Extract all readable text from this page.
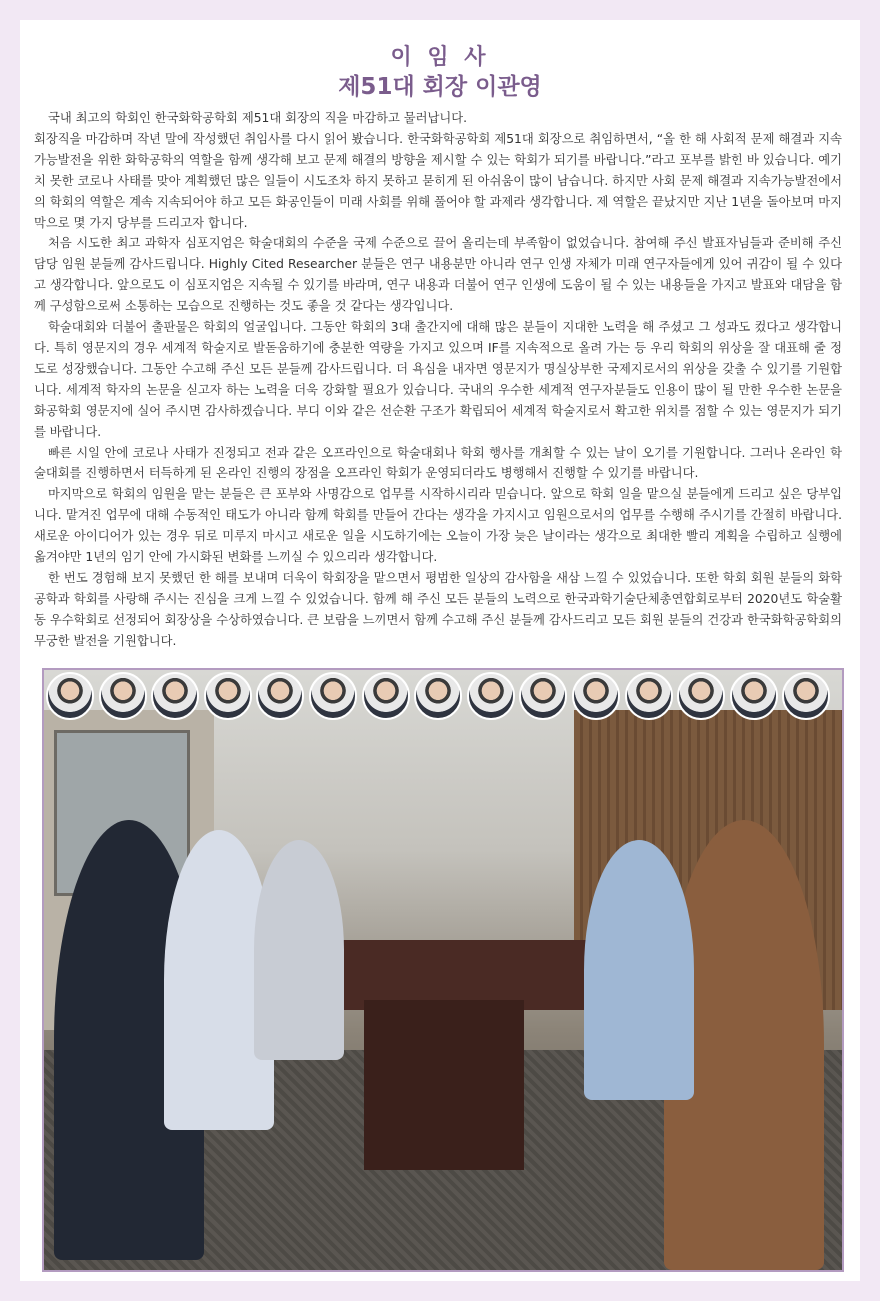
이 임 사
제51대 회장 이관영

국내 최고의 학회인 한국화학공학회 제51대 회장의 직을 마감하고 물러납니다.

회장직을 마감하며 작년 말에 작성했던 취임사를 다시 읽어 봤습니다. 한국화학공학회 제51대 회장으로 취임하면서, “올 한 해 사회적 문제 해결과 지속가능발전을 위한 화학공학의 역할을 함께 생각해 보고 문제 해결의 방향을 제시할 수 있는 학회가 되기를 바랍니다.”라고 포부를 밝힌 바 있습니다. 예기치 못한 코로나 사태를 맞아 계획했던 많은 일들이 시도조차 하지 못하고 묻히게 된 아쉬움이 많이 남습니다. 하지만 사회 문제 해결과 지속가능발전에서의 학회의 역할은 계속 지속되어야 하고 모든 화공인들이 미래 사회를 위해 풀어야 할 과제라 생각합니다. 제 역할은 끝났지만 지난 1년을 돌아보며 마지막으로 몇 가지 당부를 드리고자 합니다.

처음 시도한 최고 과학자 심포지엄은 학술대회의 수준을 국제 수준으로 끌어 올리는데 부족함이 없었습니다. 참여해 주신 발표자님들과 준비해 주신 담당 임원 분들께 감사드립니다. Highly Cited Researcher 분들은 연구 내용분만 아니라 연구 인생 자체가 미래 연구자들에게 있어 귀감이 될 수 있다고 생각합니다. 앞으로도 이 심포지엄은 지속될 수 있기를 바라며, 연구 내용과 더불어 연구 인생에 도움이 될 수 있는 내용들을 가지고 발표와 대담을 함께 구성함으로써 소통하는 모습으로 진행하는 것도 좋을 것 같다는 생각입니다.

학술대회와 더불어 출판물은 학회의 얼굴입니다. 그동안 학회의 3대 출간지에 대해 많은 분들이 지대한 노력을 해 주셨고 그 성과도 컸다고 생각합니다. 특히 영문지의 경우 세계적 학술지로 발돋움하기에 충분한 역량을 가지고 있으며 IF를 지속적으로 올려 가는 등 우리 학회의 위상을 잘 대표해 줄 정도로 성장했습니다. 그동안 수고해 주신 모든 분들께 감사드립니다. 더 욕심을 내자면 영문지가 명실상부한 국제지로서의 위상을 갖출 수 있기를 기원합니다. 세계적 학자의 논문을 싣고자 하는 노력을 더욱 강화할 필요가 있습니다. 국내의 우수한 세계적 연구자분들도 인용이 많이 될 만한 우수한 논문을 화공학회 영문지에 실어 주시면 감사하겠습니다. 부디 이와 같은 선순환 구조가 확립되어 세계적 학술지로서 확고한 위치를 점할 수 있는 영문지가 되기를 바랍니다.

빠른 시일 안에 코로나 사태가 진정되고 전과 같은 오프라인으로 학술대회나 학회 행사를 개최할 수 있는 날이 오기를 기원합니다. 그러나 온라인 학술대회를 진행하면서 터득하게 된 온라인 진행의 장점을 오프라인 학회가 운영되더라도 병행해서 진행할 수 있기를 바랍니다.

마지막으로 학회의 임원을 맡는 분들은 큰 포부와 사명감으로 업무를 시작하시리라 믿습니다. 앞으로 학회 일을 맡으실 분들에게 드리고 싶은 당부입니다. 맡겨진 업무에 대해 수동적인 태도가 아니라 함께 학회를 만들어 간다는 생각을 가지시고 임원으로서의 업무를 수행해 주시기를 간절히 바랍니다. 새로운 아이디어가 있는 경우 뒤로 미루지 마시고 새로운 일을 시도하기에는 오늘이 가장 늦은 날이라는 생각으로 최대한 빨리 계획을 수립하고 실행에 옮겨야만 1년의 임기 안에 가시화된 변화를 느끼실 수 있으리라 생각합니다.

한 번도 경험해 보지 못했던 한 해를 보내며 더욱이 학회장을 맡으면서 평범한 일상의 감사함을 새삼 느낄 수 있었습니다. 또한 학회 회원 분들의 화학공학과 학회를 사랑해 주시는 진심을 크게 느낄 수 있었습니다. 함께 해 주신 모든 분들의 노력으로 한국과학기술단체총연합회로부터 2020년도 학술활동 우수학회로 선정되어 회장상을 수상하였습니다. 큰 보람을 느끼면서 함께 수고해 주신 분들께 감사드리고 모든 회원 분들의 건강과 한국화학공학회의 무궁한 발전을 기원합니다.
